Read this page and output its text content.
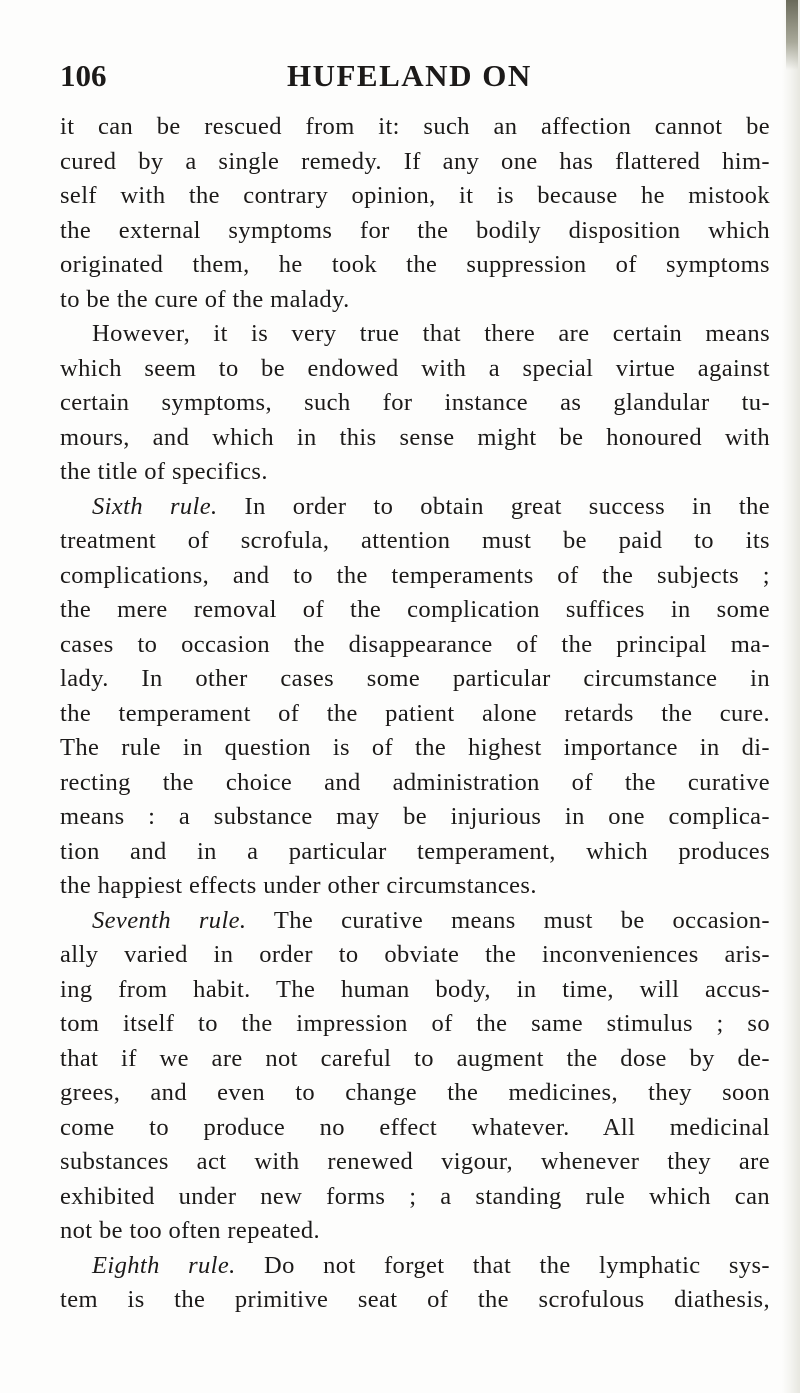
106	HUFELAND ON
it can be rescued from it: such an affection cannot be
cured by a single remedy. If any one has flattered him-
self with the contrary opinion, it is because he mistook
the external symptoms for the bodily disposition which
originated them, he took the suppression of symptoms
to be the cure of the malady.
However, it is very true that there are certain means
which seem to be endowed with a special virtue against
certain symptoms, such for instance as glandular tu-
mours, and which in this sense might be honoured with
the title of specifics.
Sixth rule. In order to obtain great success in the
treatment of scrofula, attention must be paid to its
complications, and to the temperaments of the subjects ;
the mere removal of the complication suffices in some
cases to occasion the disappearance of the principal ma-
lady. In other cases some particular circumstance in
the temperament of the patient alone retards the cure.
The rule in question is of the highest importance in di-
recting the choice and administration of the curative
means : a substance may be injurious in one complica-
tion and in a particular temperament, which produces
the happiest effects under other circumstances.
Seventh rule. The curative means must be occasion-
ally varied in order to obviate the inconveniences aris-
ing from habit. The human body, in time, will accus-
tom itself to the impression of the same stimulus ; so
that if we are not careful to augment the dose by de-
grees, and even to change the medicines, they soon
come to produce no effect whatever. All medicinal
substances act with renewed vigour, whenever they are
exhibited under new forms ; a standing rule which can
not be too often repeated.
Eighth rule. Do not forget that the lymphatic sys-
tem is the primitive seat of the scrofulous diathesis,
